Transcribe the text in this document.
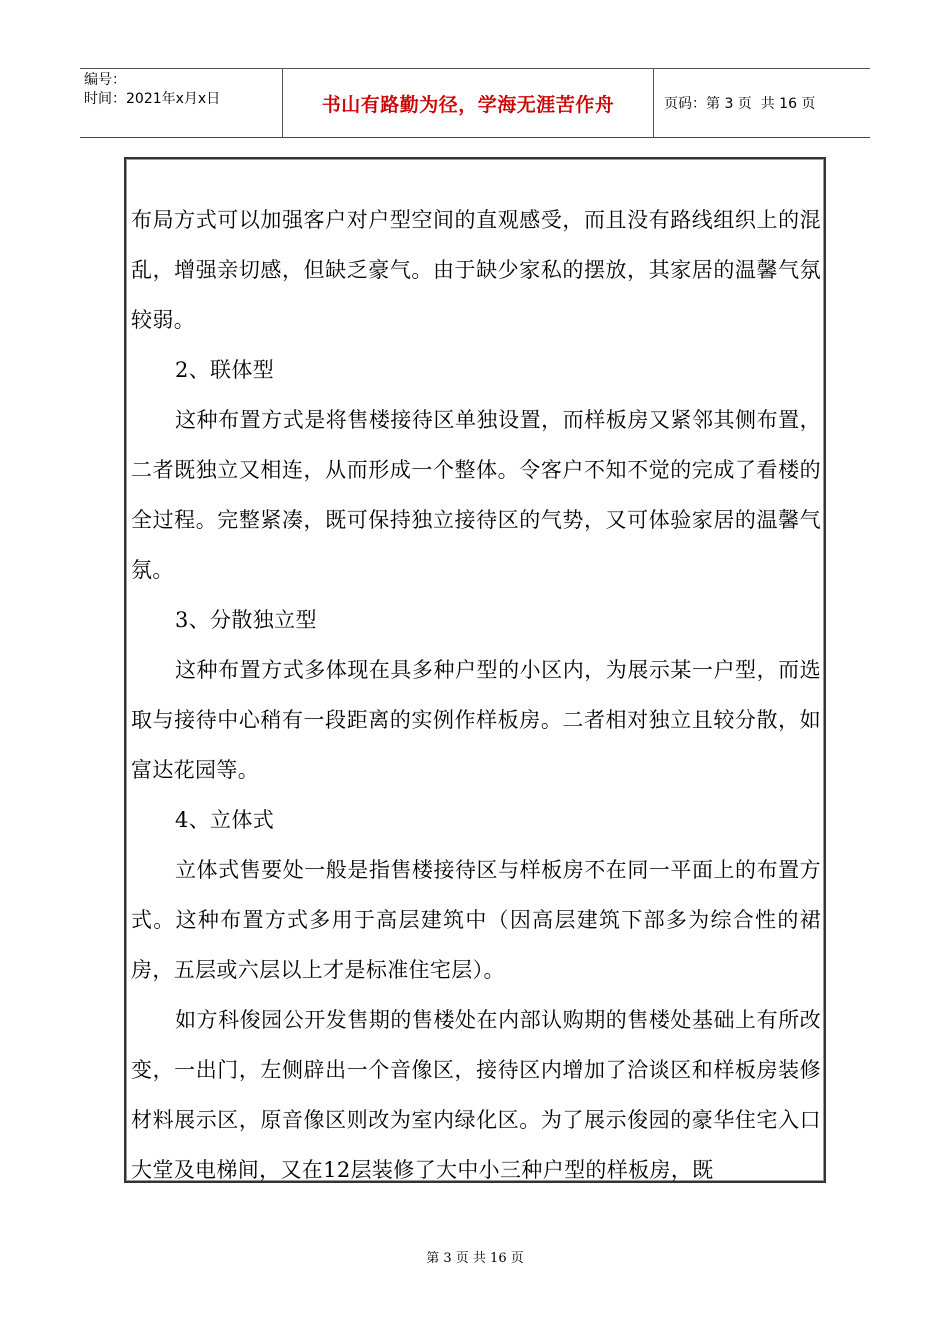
编号：
时间：2021年x月x日	书山有路勤为径，学海无涯苦作舟	页码：第 3 页  共 16 页

布局方式可以加强客户对户型空间的直观感受，而且没有路线组织上的混乱，增强亲切感，但缺乏豪气。由于缺少家私的摆放，其家居的温馨气氛较弱。

2、联体型

这种布置方式是将售楼接待区单独设置，而样板房又紧邻其侧布置，二者既独立又相连，从而形成一个整体。令客户不知不觉的完成了看楼的全过程。完整紧凑，既可保持独立接待区的气势，又可体验家居的温馨气氛。

3、分散独立型

这种布置方式多体现在具多种户型的小区内，为展示某一户型，而选取与接待中心稍有一段距离的实例作样板房。二者相对独立且较分散，如富达花园等。

4、立体式

立体式售要处一般是指售楼接待区与样板房不在同一平面上的布置方式。这种布置方式多用于高层建筑中（因高层建筑下部多为综合性的裙房，五层或六层以上才是标准住宅层）。

如方科俊园公开发售期的售楼处在内部认购期的售楼处基础上有所改变，一出门，左侧辟出一个音像区，接待区内增加了洽谈区和样板房装修材料展示区，原音像区则改为室内绿化区。为了展示俊园的豪华住宅入口大堂及电梯间，又在12层装修了大中小三种户型的样板房，既

第 3 页 共 16 页
